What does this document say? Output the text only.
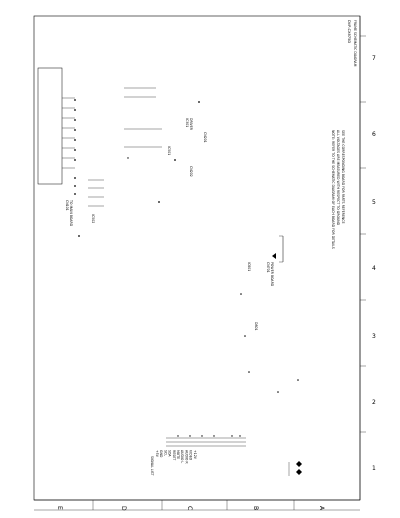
7
6
5
4
3
2
1
A
B
C
D
E
DVP-CX875D FRAME SCHEMATIC DIAGRAM
NOTE: REFER TO THE SCHEMATIC DIAGRAM OF EACH BOARD FOR DETAILS ALL VOLTAGES ARE MEASURED WITH RESPECT TO GROUND SEE THE CORRESPONDING BOARD FOR PARTS REFERENCE
CN101 TO MAIN BOARD
IC301 DRIVER
CN201
CN202
IC501
IC502
CN701 POWER BOARD
IC801
D801
SIGNAL LIST
+5V GND SCL SDA RESET MUTE AUDIO L AUDIO R VIDEO +12V
